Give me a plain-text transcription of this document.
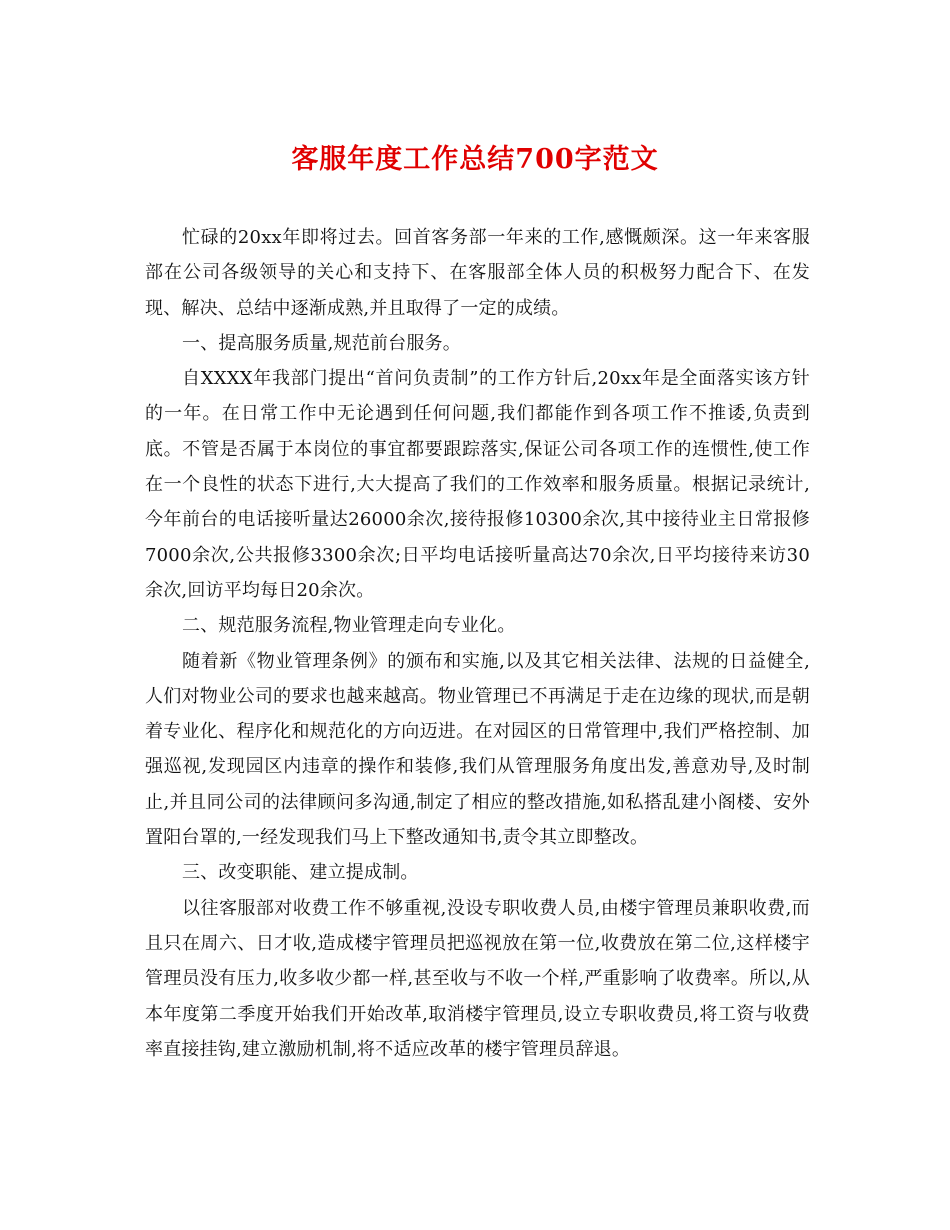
客服年度工作总结700字范文

忙碌的20xx年即将过去。回首客务部一年来的工作,感慨颇深。这一年来客服部在公司各级领导的关心和支持下、在客服部全体人员的积极努力配合下、在发现、解决、总结中逐渐成熟,并且取得了一定的成绩。

一、提高服务质量,规范前台服务。

自XXXX年我部门提出“首问负责制”的工作方针后,20xx年是全面落实该方针的一年。在日常工作中无论遇到任何问题,我们都能作到各项工作不推诿,负责到底。不管是否属于本岗位的事宜都要跟踪落实,保证公司各项工作的连惯性,使工作在一个良性的状态下进行,大大提高了我们的工作效率和服务质量。根据记录统计,今年前台的电话接听量达26000余次,接待报修10300余次,其中接待业主日常报修7000余次,公共报修3300余次;日平均电话接听量高达70余次,日平均接待来访30余次,回访平均每日20余次。

二、规范服务流程,物业管理走向专业化。

随着新《物业管理条例》的颁布和实施,以及其它相关法律、法规的日益健全,人们对物业公司的要求也越来越高。物业管理已不再满足于走在边缘的现状,而是朝着专业化、程序化和规范化的方向迈进。在对园区的日常管理中,我们严格控制、加强巡视,发现园区内违章的操作和装修,我们从管理服务角度出发,善意劝导,及时制止,并且同公司的法律顾问多沟通,制定了相应的整改措施,如私搭乱建小阁楼、安外置阳台罩的,一经发现我们马上下整改通知书,责令其立即整改。

三、改变职能、建立提成制。

以往客服部对收费工作不够重视,没设专职收费人员,由楼宇管理员兼职收费,而且只在周六、日才收,造成楼宇管理员把巡视放在第一位,收费放在第二位,这样楼宇管理员没有压力,收多收少都一样,甚至收与不收一个样,严重影响了收费率。所以,从本年度第二季度开始我们开始改革,取消楼宇管理员,设立专职收费员,将工资与收费率直接挂钩,建立激励机制,将不适应改革的楼宇管理员辞退。
